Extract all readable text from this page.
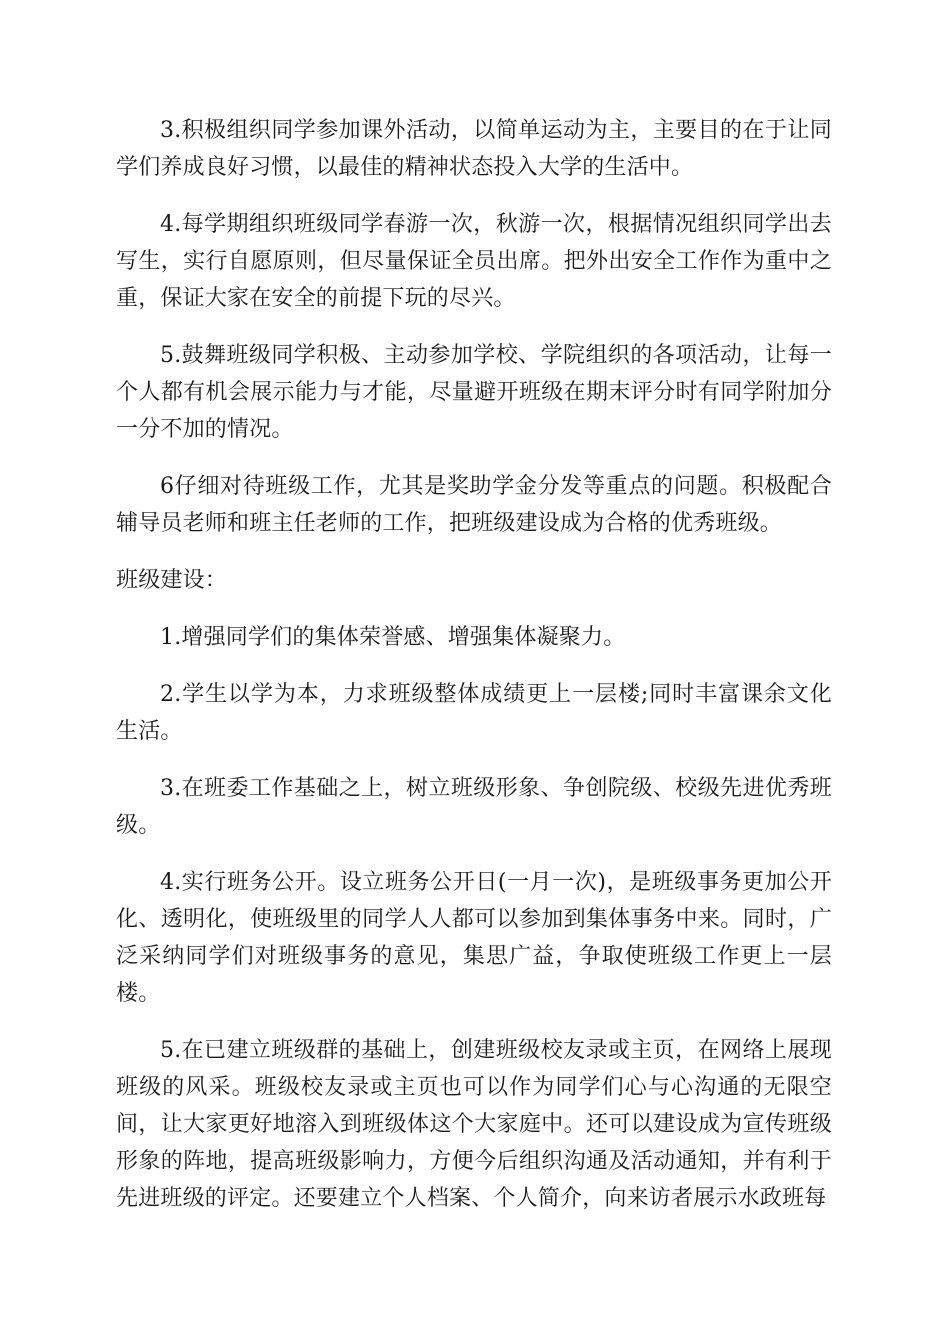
3.积极组织同学参加课外活动，以简单运动为主，主要目的在于让同学们养成良好习惯，以最佳的精神状态投入大学的生活中。

4.每学期组织班级同学春游一次，秋游一次，根据情况组织同学出去写生，实行自愿原则，但尽量保证全员出席。把外出安全工作作为重中之重，保证大家在安全的前提下玩的尽兴。

5.鼓舞班级同学积极、主动参加学校、学院组织的各项活动，让每一个人都有机会展示能力与才能，尽量避开班级在期末评分时有同学附加分一分不加的情况。

6仔细对待班级工作，尤其是奖助学金分发等重点的问题。积极配合辅导员老师和班主任老师的工作，把班级建设成为合格的优秀班级。

班级建设：

1.增强同学们的集体荣誉感、增强集体凝聚力。

2.学生以学为本，力求班级整体成绩更上一层楼;同时丰富课余文化生活。

3.在班委工作基础之上，树立班级形象、争创院级、校级先进优秀班级。

4.实行班务公开。设立班务公开日(一月一次)，是班级事务更加公开化、透明化，使班级里的同学人人都可以参加到集体事务中来。同时，广泛采纳同学们对班级事务的意见，集思广益，争取使班级工作更上一层楼。

5.在已建立班级群的基础上，创建班级校友录或主页，在网络上展现班级的风采。班级校友录或主页也可以作为同学们心与心沟通的无限空间，让大家更好地溶入到班级体这个大家庭中。还可以建设成为宣传班级形象的阵地，提高班级影响力，方便今后组织沟通及活动通知，并有利于先进班级的评定。还要建立个人档案、个人简介，向来访者展示水政班每
